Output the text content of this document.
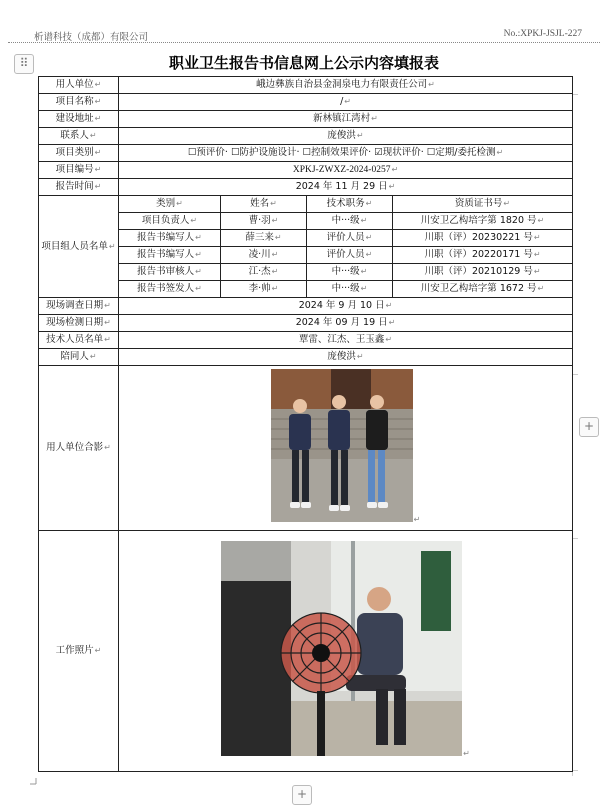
析谱科技（成都）有限公司	No.:XPKJ-JSJL-227
⠿
+
+
职业卫生报告书信息网上公示内容填报表
用人单位↵	峨边彝族自治县金洞泉电力有限责任公司↵			
项目名称↵	/↵			
建设地址↵	新林镇江湾村↵			
联系人↵	庞俊洪↵			
项目类别↵	☐预评价· ☐防护设施设计· ☐控制效果评价· ☑现状评价· ☐定期/委托检测↵			
项目编号↵	XPKJ-ZWXZ-2024-0257↵			
报告时间↵	2024 年 11 月 29 日↵			
项目组人员名单↵	类别↵	姓名↵	技术职务↵	资质证书号↵
	项目负责人↵	曹·羽↵	中···级↵	川安卫乙构培字第 1820 号↵
	报告书编写人↵	薛三来↵	评价人员↵	川职（评）20230221 号↵
	报告书编写人↵	凌·川↵	评价人员↵	川职（评）20220171 号↵
	报告书审核人↵	江·杰↵	中···级↵	川职（评）20210129 号↵
	报告书签发人↵	李·帅↵	中···级↵	川安卫乙构培字第 1672 号↵
现场调查日期↵	2024 年 9 月 10 日↵			
现场检测日期↵	2024 年 09 月 19 日↵			
技术人员名单↵	覃雷、江杰、王玉鑫↵			
陪同人↵	庞俊洪↵			
用人单位合影↵	↵			
工作照片↵	↵			
